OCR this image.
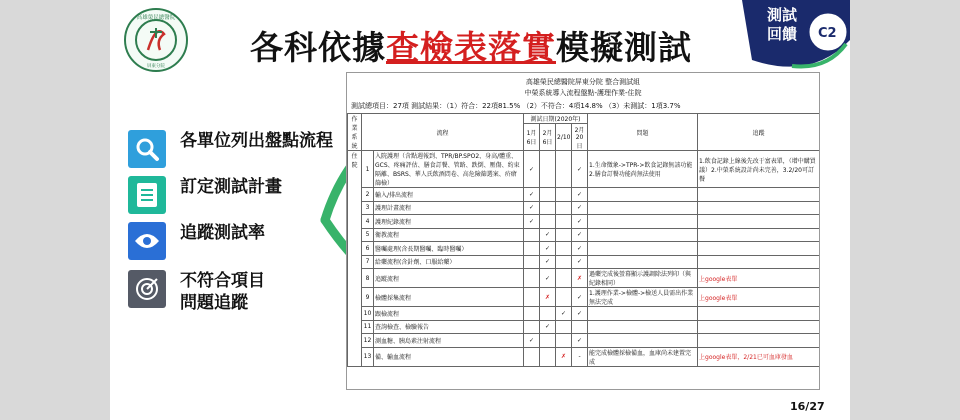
高雄榮民總醫院
屏東分院	各科依據查檢表落實模擬測試
測試
回饋	C2
各單位列出盤點流程
訂定測試計畫
追蹤測試率
不符合項目
問題追蹤
高雄榮民總醫院屏東分院 整合測試組
中榮系統導入流程盤點-護理作業-住院
測試總項目：27項 測試結果：（1）符合：22項81.5% （2）不符合：4項14.8% （3）未測試：1項3.7%
作業系統	流程		測試日期(2020年)				問題	追蹤
			1月6日	2月6日	2/10	2月20日		
住院	1	入院護理（含點週報到、TPR/BP.SPO2、身高/體重、GCS、疼痛評估、膳食訂餐、管路、跌倒、壓傷、約束隔離、BSRS、華人氏飲酒問卷、高危險篩選案、疥瘡篩檢）	✓			✓	1.生命徵象->TPR->飲食記錄無該功能　2.膳食訂餐功能尚無法使用	1.飲食記錄上線後先改于富表單，（增中購買議）2.中榮系統設計尚未完善，3.2/20可訂餐
	2	輸入/排出流程	✓			✓		
	3	護理計畫流程	✓			✓		
	4	護理紀錄流程	✓			✓		
	5	衛教流程		✓		✓		
	6	醫囑處理(含長期醫囑、臨時醫囑）		✓		✓		
	7	給藥流程(含針劑、口服給藥）		✓		✓		
	8	追蹤流程		✓		✗	過藥完成後螢幕顯示護調除法列印（與紀錄相同）	上google表單
	9	檢體採集流程		✗		✓	1.護理作業->檢體->檢送人員需出作業無法完成	上google表單
	10	跟檢流程			✓	✓		
	11	查詢檢查、檢驗報告		✓				
	12	測血糖、胰島素注射流程	✓			✓		
	13	備、輸血流程			✗	-	能完成檢體採檢備血，血庫尚未建置完成	上google表單，2/21已可血庫發血
16/27
